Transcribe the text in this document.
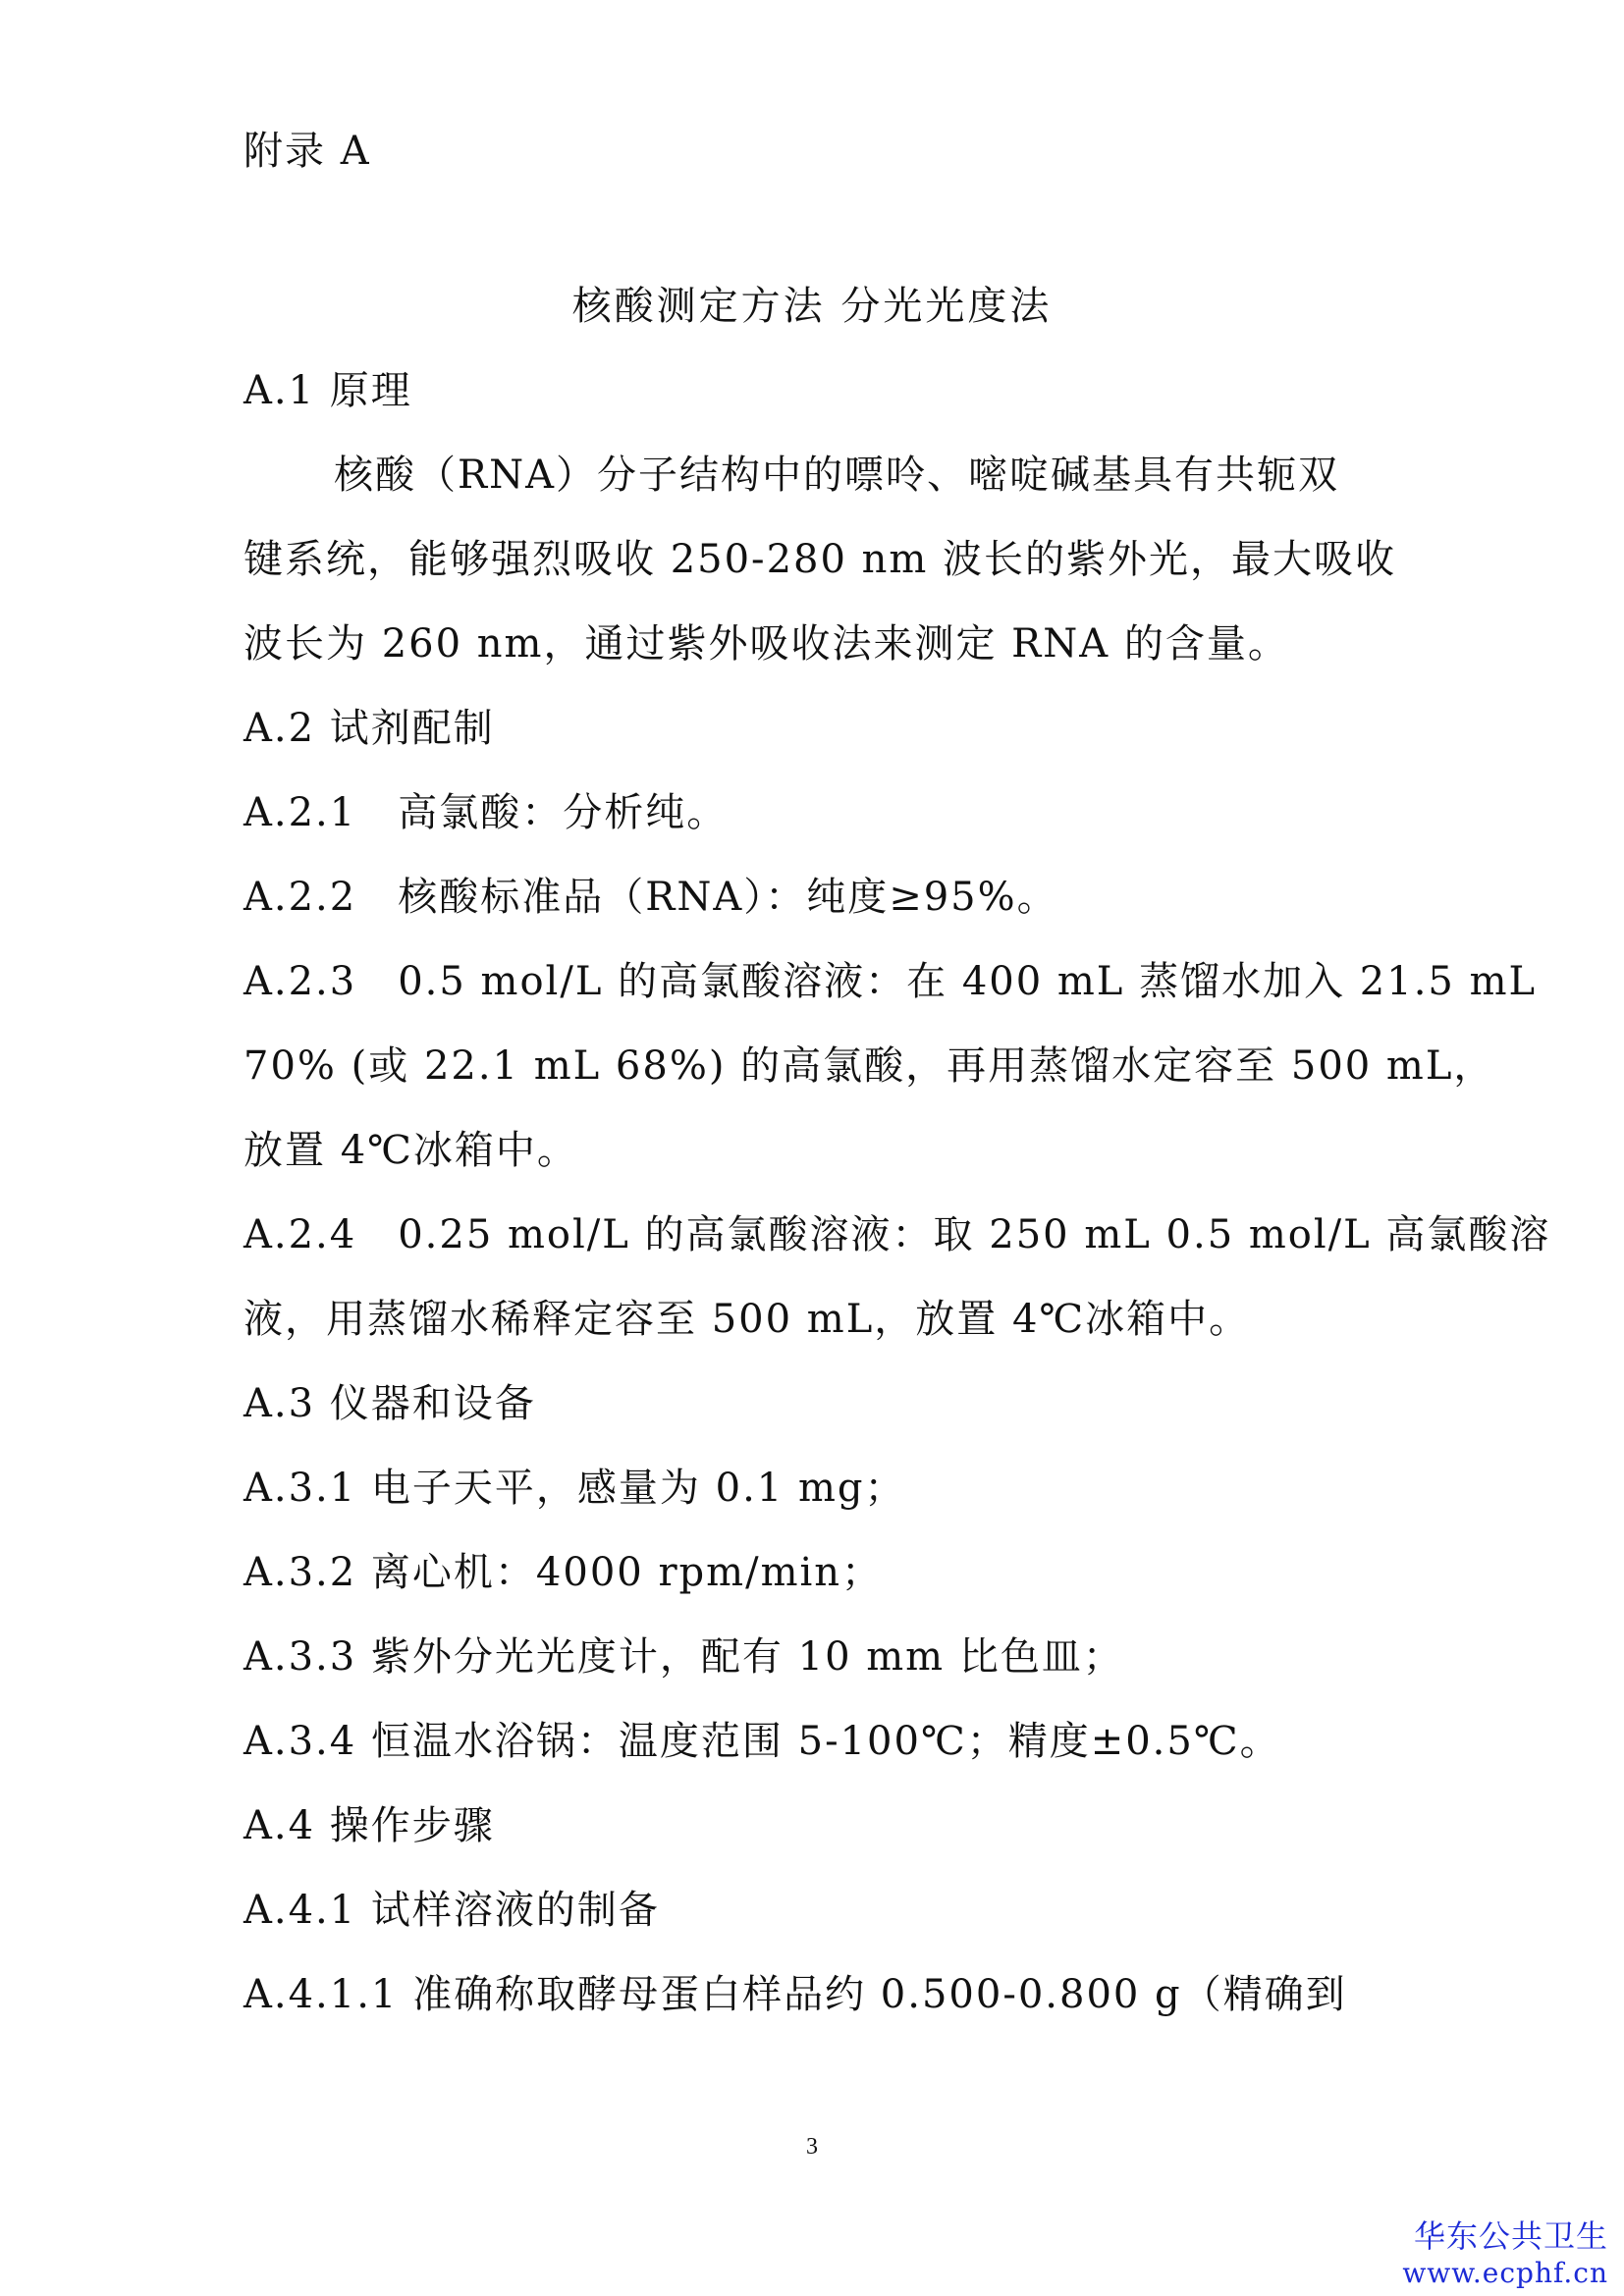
附录 A
核酸测定方法 分光光度法
A.1 原理
核酸（RNA）分子结构中的嘌呤、嘧啶碱基具有共轭双
键系统，能够强烈吸收 250-280 nm 波长的紫外光，最大吸收
波长为 260 nm，通过紫外吸收法来测定 RNA 的含量。
A.2 试剂配制
A.2.1　高氯酸：分析纯。
A.2.2　核酸标准品（RNA）：纯度≥95%。
A.2.3　0.5 mol/L 的高氯酸溶液：在 400 mL 蒸馏水加入 21.5 mL
70% (或 22.1 mL 68%) 的高氯酸，再用蒸馏水定容至 500 mL，
放置 4℃冰箱中。
A.2.4　0.25 mol/L 的高氯酸溶液：取 250 mL 0.5 mol/L 高氯酸溶
液，用蒸馏水稀释定容至 500 mL，放置 4℃冰箱中。
A.3 仪器和设备
A.3.1 电子天平，感量为 0.1 mg；
A.3.2 离心机：4000 rpm/min；
A.3.3 紫外分光光度计，配有 10 mm 比色皿；
A.3.4 恒温水浴锅：温度范围 5-100℃；精度±0.5℃。
A.4 操作步骤
A.4.1 试样溶液的制备
A.4.1.1 准确称取酵母蛋白样品约 0.500-0.800 g（精确到
3
华东公共卫生
www.ecphf.cn
